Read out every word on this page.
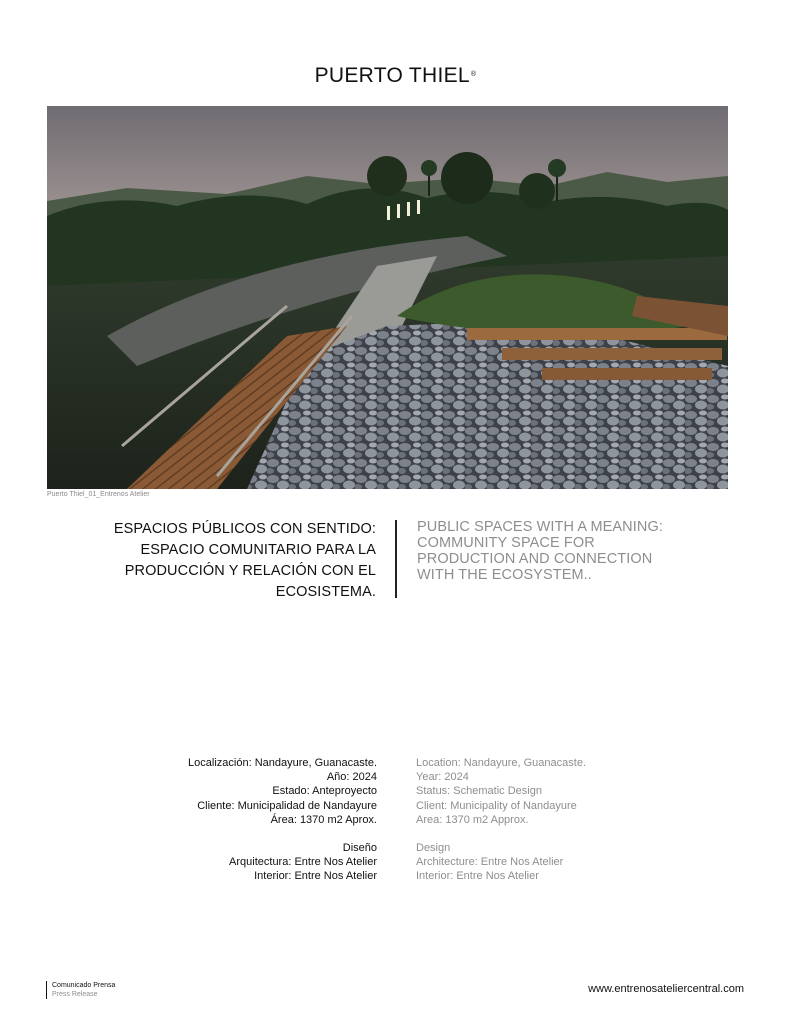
PUERTO THIEL®
Puerto Thiel_01_Entrenos Atelier
ESPACIOS PÚBLICOS CON SENTIDO: ESPACIO COMUNITARIO PARA LA PRODUCCIÓN Y RELACIÓN CON EL ECOSISTEMA.
PUBLIC SPACES WITH A MEANING: COMMUNITY SPACE FOR PRODUCTION AND CONNECTION WITH THE ECOSYSTEM..
Localización: Nandayure, Guanacaste.
Año: 2024
Estado: Anteproyecto
Cliente: Municipalidad de Nandayure
Área: 1370 m2 Aprox.
Diseño
Arquitectura: Entre Nos Atelier
Interior: Entre Nos Atelier
Location: Nandayure, Guanacaste.
Year: 2024
Status: Schematic Design
Client: Municipality of Nandayure
Area: 1370 m2 Approx.
Design
Architecture: Entre Nos Atelier
Interior: Entre Nos Atelier
Comunicado Prensa
Press Release	www.entrenosateliercentral.com
